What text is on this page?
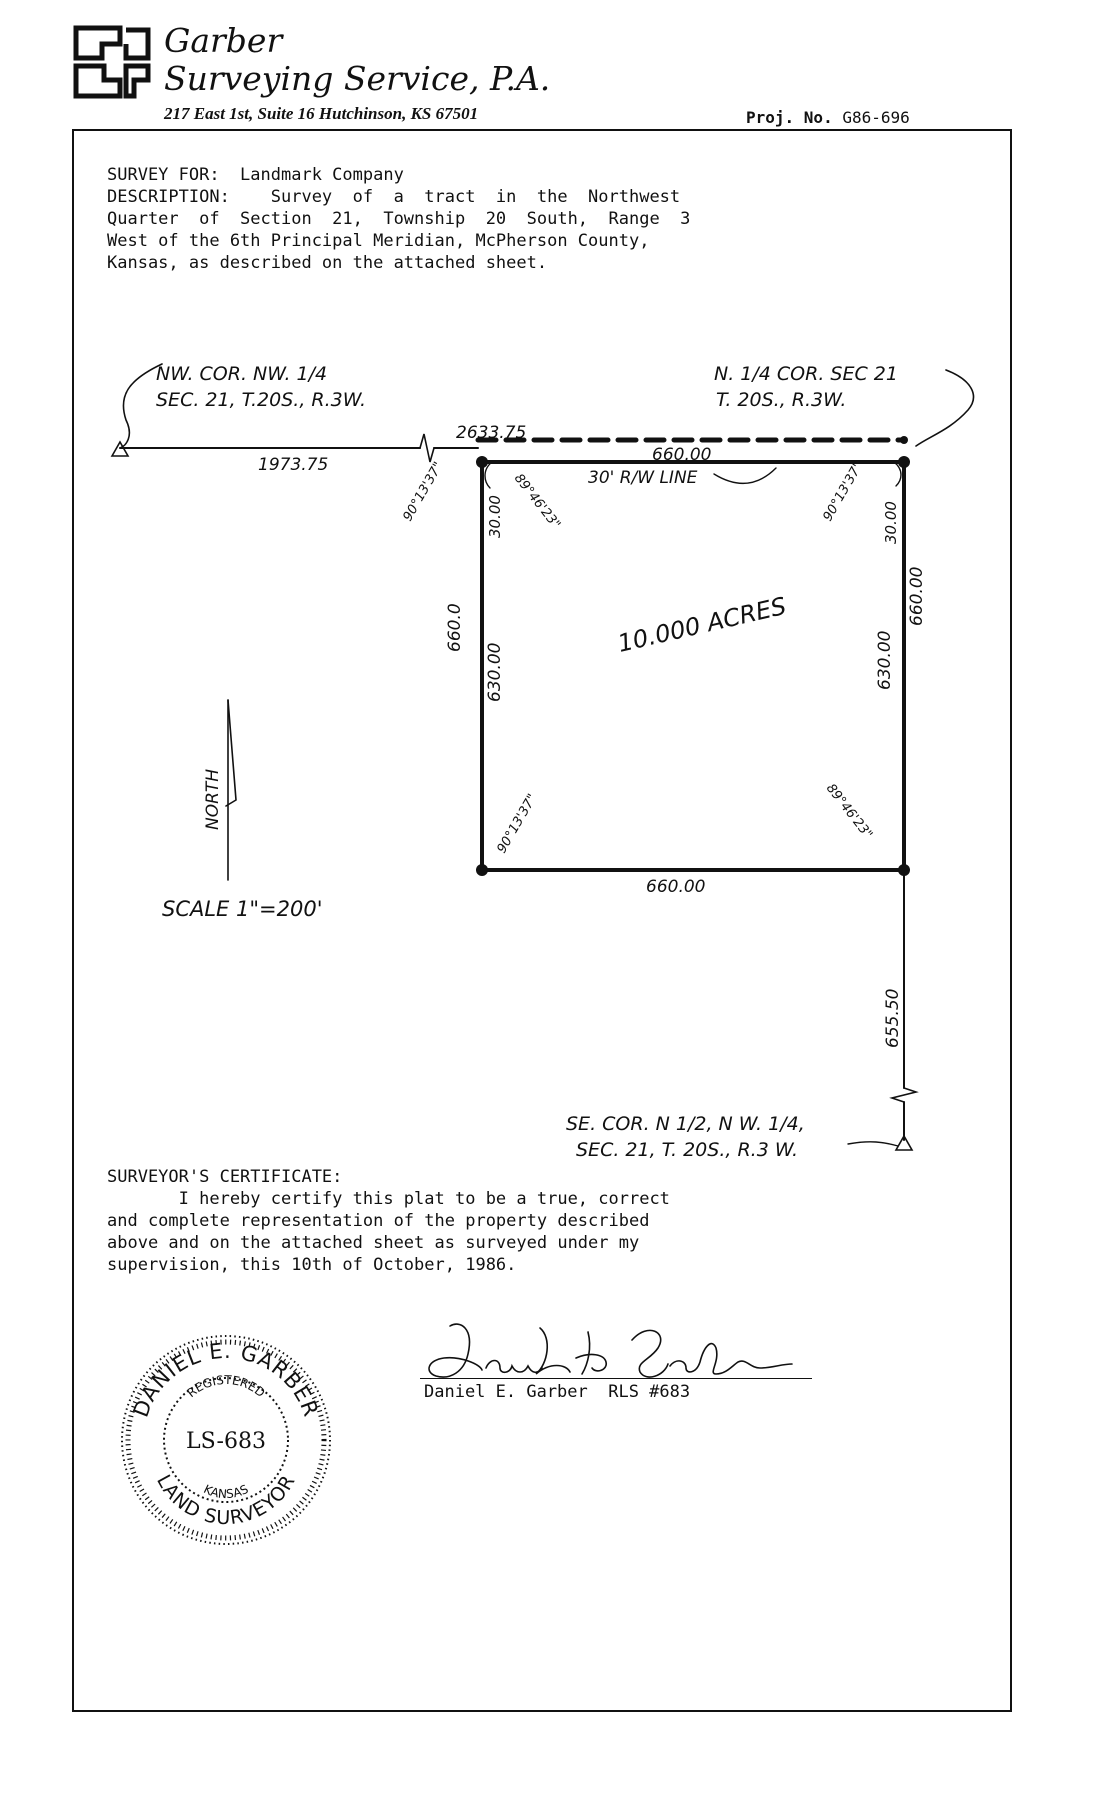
Garber
Surveying Service, P.A.
217 East 1st, Suite 16 Hutchinson, KS 67501	Proj. No. G86-696
SURVEY FOR:  Landmark Company
DESCRIPTION:    Survey  of  a  tract  in  the  Northwest
Quarter  of  Section  21,  Township  20  South,  Range  3
West of the 6th Principal Meridian, McPherson County,
Kansas, as described on the attached sheet.
NW. COR. NW. 1/4
SEC. 21, T.20S., R.3W.
N. 1/4 COR. SEC 21
T. 20S., R.3W.
2633.75
1973.75	660.00
30' R/W LINE
90°13'37"	89°46'23"	90°13'37"
30.00	30.00
10.000 ACRES
660.0
630.00	630.00
660.00
NORTH	90°13'37"	89°46'23"
660.00
SCALE 1"=200'
655.50
SE. COR. N 1/2, N W. 1/4,
SEC. 21, T. 20S., R.3 W.
SURVEYOR'S CERTIFICATE:
I hereby certify this plat to be a true, correct
and complete representation of the property described
above and on the attached sheet as surveyed under my
supervision, this 10th of October, 1986.
DANIEL E. GARBER
LAND SURVEYOR
REGISTERED
KANSAS
LS-683
Daniel E. Garber  RLS #683
